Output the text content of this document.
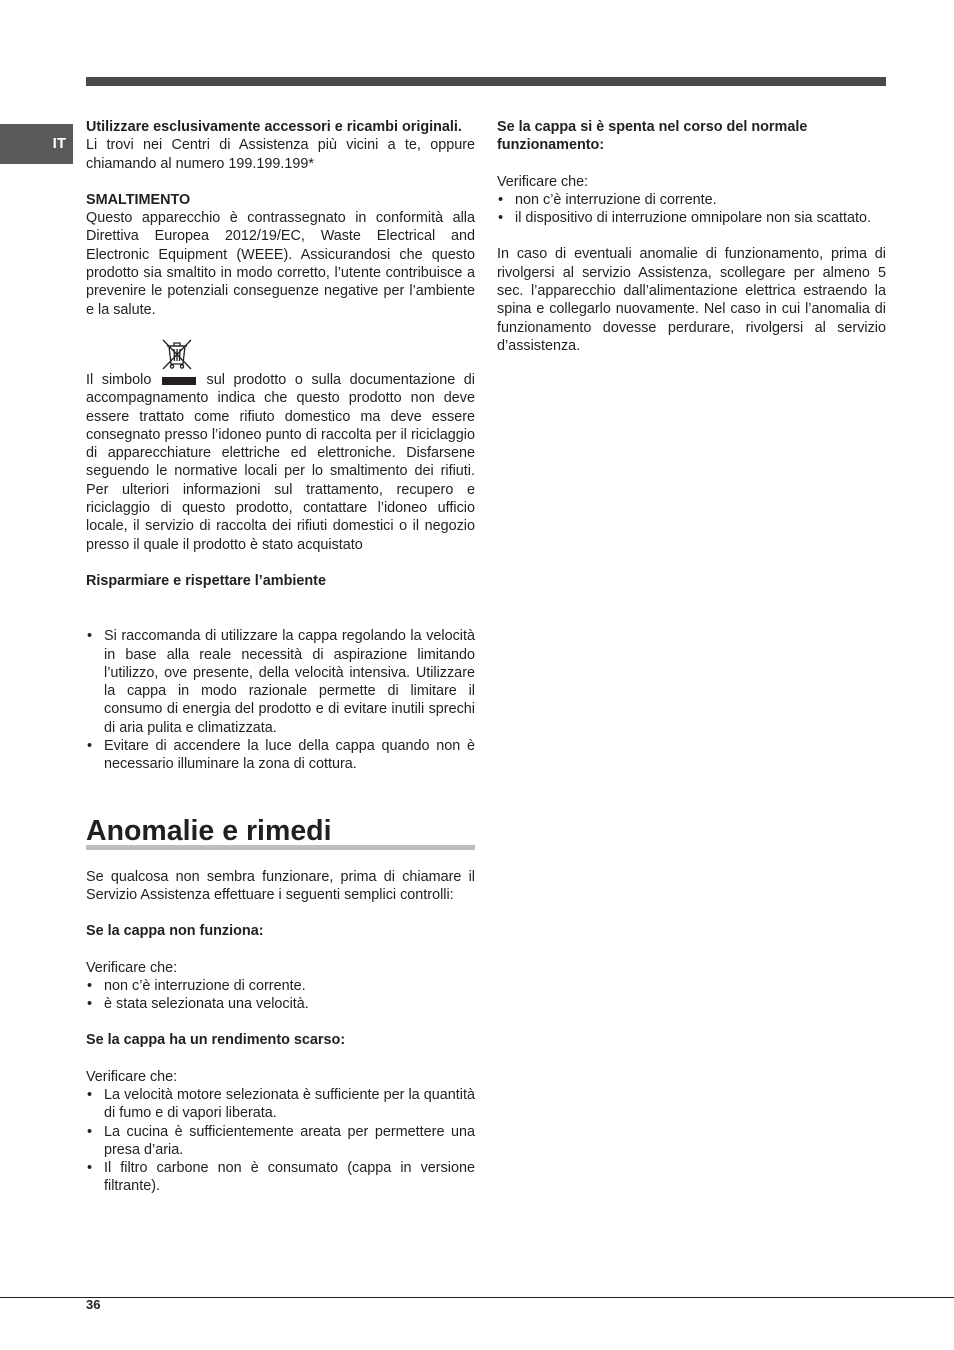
IT

Utilizzare esclusivamente accessori e ricambi originali.

Li trovi nei Centri di Assistenza più vicini a te, oppure chiamando al numero 199.199.199*

SMALTIMENTO

Questo apparecchio è contrassegnato in conformità alla Direttiva Europea 2012/19/EC, Waste Electrical and Electronic Equipment (WEEE). Assicurandosi che questo prodotto sia smaltito in modo corretto, l’utente contribuisce a prevenire le potenziali conseguenze negative per l’ambiente e la salute.

Il simbolo	sul prodotto o sulla documentazione di accompagnamento indica che questo prodotto non deve essere trattato come rifiuto domestico ma deve essere consegnato presso l’idoneo punto di raccolta per il riciclaggio di apparecchiature elettriche ed elettroniche. Disfarsene seguendo le normative locali per lo smaltimento dei rifiuti. Per ulteriori informazioni sul trattamento, recupero e riciclaggio di questo prodotto, contattare l’idoneo ufficio locale, il servizio di raccolta dei rifiuti domestici o il negozio presso il quale il prodotto è stato acquistato

Risparmiare e rispettare l’ambiente

• Si raccomanda di utilizzare la cappa regolando la velocità in base alla reale necessità di aspirazione limitando l’utilizzo, ove presente, della velocità intensiva. Utilizzare la cappa in modo razionale permette di limitare il consumo di energia del prodotto e di evitare inutili sprechi di aria pulita e climatizzata.
• Evitare di accendere la luce della cappa quando non è necessario illuminare la zona di cottura.
Anomalie e rimedi

Se qualcosa non sembra funzionare, prima di chiamare il Servizio Assistenza effettuare i seguenti semplici controlli:

Se la cappa non funziona:

Verificare che:

• non c’è interruzione di corrente.
• è stata selezionata una velocità.

Se la cappa ha un rendimento scarso:

Verificare che:

• La velocità motore selezionata è sufficiente per la quantità di fumo e di vapori liberata.
• La cucina è sufficientemente areata per permettere una presa d’aria.
• Il filtro carbone non è consumato (cappa in versione filtrante).

Se la cappa si è spenta nel corso del normale funzionamento:

Verificare che:

• non c’è interruzione di corrente.
• il dispositivo di interruzione omnipolare non sia scattato.

In caso di eventuali anomalie di funzionamento, prima di rivolgersi al servizio Assistenza, scollegare per almeno 5 sec. l’apparecchio dall’alimentazione elettrica estraendo la spina e collegarlo nuovamente. Nel caso in cui l’anomalia di funzionamento dovesse perdurare, rivolgersi al servizio d’assistenza.

36
